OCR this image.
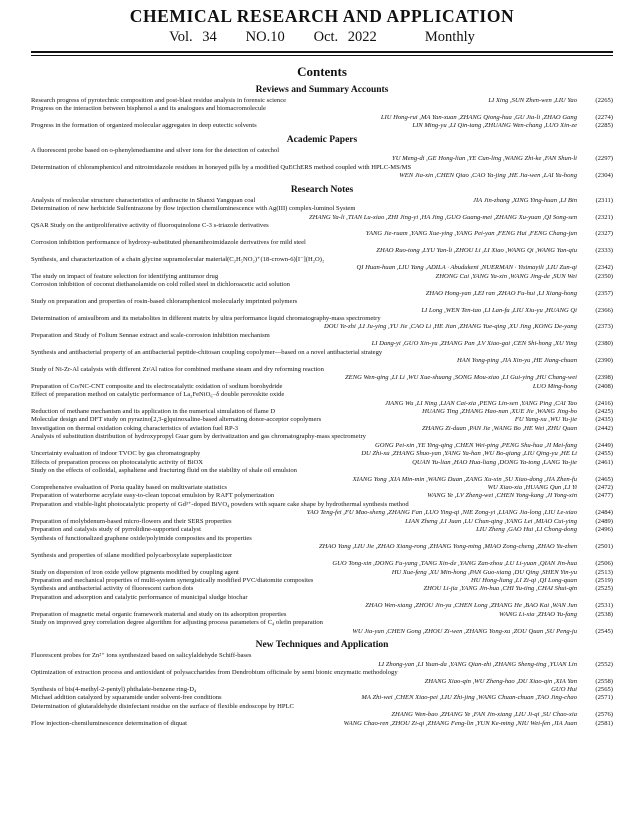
CHEMICAL RESEARCH AND APPLICATION
Vol. 34 NO.10 Oct. 2022	Monthly
Contents
Reviews and Summary Accounts
Research progress of pyrotechnic composition and post-blast residue analysis in forensic science	LI Xing ,SUN Zhen-wen ,LIU Yao	(2265)
Progress on the interaction between bisphenol a and its analogues and biomacromolecule
LIU Hong-rui ,MA Yan-xuan ,ZHANG Qiong-hua ,GU Jia-li ,ZHAO Gang	(2274)
Progress in the formation of organized molecular aggregates in deep eutectic solvents	LIN Ming-yu ,LI Qin-tang ,ZHUANG Wen-chang ,LUO Xin-ze	(2285)
Academic Papers
A fluorescent probe based on o-phenylenediamine and silver ions for the detection of catechol
YU Meng-di ,GE Hong-lian ,YE Cun-ling ,WANG Zhi-ke ,FAN Shun-li	(2297)
Determination of chloramphenicol and nitroimidazole residues in honeyed pills by a modified QuEChERS method coupled with HPLC-MS/MS
WEN Jia-xin ,CHEN Qiao ,CAO Ya-jing ,HE Jia-wen ,LAI Yu-hong	(2304)
Research Notes
Analysis of molecular structure characteristics of anthracite in Shanxi Yangquan coal	JIA Jin-zhang ,XING Ying-huan ,LI Bin	(2311)
Determination of new herbicide Sulfentrazone by flow injection chemiluminescence with Ag(III) complex-luminol System
ZHANG Ya-li ,TIAN Lu-xiao ,ZHI Jing-yi ,HA Jing ,GUO Guang-mei ,ZHANG Xu-yuan ,QI Song-sen	(2321)
QSAR Study on the antiproliferative activity of fluoroquinolone C-3 s-triazole derivatives
YANG Jie-ruam ,YANG Xue-ying ,YANG Pei-yan ,FENG Hui ,FENG Chang-jun	(2327)
Corrosion inhibition performance of hydroxy-substituted phenanthroimidazole derivatives for mild steel
ZHAO Ruo-tong ,LYU Yan-li ,ZHOU Li ,LI Xiao ,WANG Qi ,WANG Yan-qiu	(2333)
Synthesis, and characterization of a chain glycine supramolecular material(C₂H₅NO₂)⁺(18-crown-6)[I⁻](H₂O)₂
QI Huan-huan ,LIU Yang ,ADILA · Abudukeni ,NUERMAN · Yisimayili ,LIU Zun-qi	(2342)
The study on impact of feature selection for identifying antitumor drug	ZHONG Cai ,YANG Ya-xin ,WANG Jing-de ,SUN Wei	(2350)
Corrosion inhibition of coconut diethanolamide on cold rolled steel in dichloroacetic acid solution
ZHAO Hong-yan ,LEI ran ,ZHAO Fu-hui ,LI Xiang-hong	(2357)
Study on preparation and properties of rosin-based chloramphenicol molecularly imprinted polymers
LI Long ,WEN Ten-tao ,LI Lan-fu ,LIU Xiu-yu ,HUANG Qi	(2366)
Determination of amisulbrom and its metabolites in different matrix by ultra performance liquid chromatography-mass spectrometry
DOU Ye-zhi ,LI Ju-ying ,YU Jie ,CAO Li ,HE Jian ,ZHANG Yue-qing ,XU Jing ,KONG De-yang	(2373)
Preparation and Study of Folium Sennae extract and scale-corrosion inhibition mechanism
LI Dang-yi ,GUO Xin-yu ,ZHANG Pan ,LV Xiao-gai ,CEN Shi-hong ,XU Ying	(2380)
Synthesis and antibacterial property of an antibacterial peptide-chitosan coupling copolymer—based on a novel antibacterial strategy
HAN Yong-ping ,JIA Xin-yu ,HE Jiang-chuan	(2390)
Study of Ni-Zr-Al catalysts with different Zr/Al ratios for combined methane steam and dry reforming reaction
ZENG Wen-qing ,LI Li ,WU Xue-shuang ,SONG Mou-xiao ,LI Gui-ying ,HU Chang-wei	(2398)
Preparation of Co/NC-CNT composite and its electrocatalytic oxidation of sodium borohydride	LUO Ming-hong	(2408)
Effect of preparation method on catalytic performance of La₂FeNiO₆₋δ double perovskite oxide
JIANG Wu ,LI Ning ,LIAN Cai-xia ,PENG Lin-sen ,YANG Ping ,CAI Tao	(2416)
Reduction of methane mechanism and its application in the numerical simulation of flame D	HUANG Ting ,ZHANG Hao-nan ,XUE Jie ,WANG Jing-bo	(2425)
Molecular design and DFT study on pyrazino[2,3-g]quinoxaline-based alternating donor-acceptor copolymers	FU Yang-xu ,WU Yu-jie	(2435)
Investigation on thermal oxidation coking characteristics of aviation fuel RP-3	ZHANG Zi-duan ,PAN Jie ,WANG Bo ,HE Wei ,ZHU Quan	(2442)
Analysis of substitution distribution of hydroxypropyl Guar gum by derivatization and gas chromatography-mass spectrometry
GONG Pei-xin ,YE Ying-qing ,CHEN Wei-ping ,PENG Shu-hua ,JI Mei-fang	(2449)
Uncertainty evaluation of indoor TVOC by gas chromatography	DU Zhi-xu ,ZHANG Shuo-yan ,YANG Ya-han ,WU Bo-qiang ,LIU Qing-yu ,HE Li	(2455)
Effects of preparation process on photocatalytic activity of BiOX	QUAN Yu-lian ,HAO Hua-liang ,DONG Ya-tong ,LANG Ya-jie	(2461)
Study on the effects of colloidal, asphaltene and fracturing fluid on the stability of shale oil emulsion
XIANG Yong ,XIA Min-min ,WANG Duan ,ZANG Xu-xin ,SU Xiao-dong ,JIA Zhen-fu	(2465)
Comprehensive evaluation of Poria quality based on multivariate statistics	WU Xiao-xia ,HUANG Qun ,LI Yi	(2472)
Preparation of waterborne acrylate easy-to-clean topcoat emulsion by RAFT polymerization	WANG Ye ,LV Zheng-wei ,CHEN Yong-kang ,JI Yong-xin	(2477)
Preparation and visible-light photocatalytic property of Gd³⁺-doped BiVO₄ powders with square cake shape by hydrothermal synthesis method
YAO Teng-fei ,FU Mao-sheng ,ZHANG Fan ,LUO Ying-qi ,NIE Zong-yi ,LIANG Jia-long ,LIU Le-xiao	(2484)
Preparation of molybdenum-based micro-flowers and their SERS properties	LIAN Zheng ,LI Juan ,LU Chun-qing ,YANG Lei ,MIAO Cui-ying	(2489)
Preparation and catalysis study of pyrrolidine-supported catalyst	LIU Zheng ,GAO Hui ,LI Chong-dong	(2496)
Synthesis of functionalized graphene oxide/polyimide composites and its properties
ZHAO Yang ,LIU Jie ,ZHAO Xiang-rong ,ZHANG Yong-ming ,MIAO Zong-cheng ,ZHAO Yu-zhen	(2501)
Synthesis and properties of silane modified polycarboxylate superplasticizer
GUO Tong-xin ,DONG Fu-yang ,TANG Xin-de ,YANG Zan-zhou ,LU Li-yuan ,QIAN Jin-hua	(2506)
Study on dispersion of iron oxide yellow pigments modified by coupling agent	HU Xue-feng ,XU Min-hong ,PAN Guo-xiang ,DU Qing ,SHEN Yin-yu	(2513)
Preparation and mechanical properties of multi-system synergistically modified PVC/diatomite composites	HU Hong-liang ,LI Zi-qi ,QI Long-quan	(2519)
Synthesis and antibacterial activity of fluorescent carbon dots	ZHOU Li-jia ,YANG Jin-hua ,CHI Yu-ting ,CHAI Shui-qin	(2525)
Preparation and adsorption and catalytic performance of municipal sludge biochar
ZHAO Wen-xiang ,ZHOU Jin-yu ,CHEN Long ,ZHANG He ,BAO Kai ,WAN Jun	(2531)
Preparation of magnetic metal organic framework material and study on its adsorption properties	WANG Li-xia ,ZHAO Yu-fang	(2538)
Study on improved grey correlation degree algorithm for adjusting process parameters of C₄ olefin preparation
WU Jia-yun ,CHEN Gong ,ZHOU Zi-wen ,ZHANG Yong-xu ,ZOU Quan ,SU Peng-ju	(2545)
New Techniques and Application
Fluorescent probes for Zn²⁺ ions synthesized based on salicylaldehyde Schiff-bases
LI Zhong-yan ,LI Yuan-da ,YANG Qian-zhi ,ZHANG Sheng-ting ,YUAN Lin	(2552)
Optimization of extraction process and antioxidant of polysaccharides from Dendrobium officinale by semi bionic enzymatic methodology
ZHANG Xiao-qin ,WU Zheng-hao ,DU Xiao-qin ,XIA Yan	(2558)
Synthesis of bis(4-methyl-2-pentyl) phthalate-benzene ring-D₄	GUO Hui	(2565)
Michael addition catalyzed by squaramide under solvent-free conditions	MA Zhi-wei ,CHEN Xiao-pei ,LIU Zhi-jing ,WANG Chuan-chuan ,TAO Jing-chao	(2571)
Determination of glutaraldehyde disinfectant residue on the surface of flexible endoscope by HPLC
ZHANG Wen-bao ,ZHANG Ye ,FAN Jin-xiang ,LIU Ji-qi ,SU Chao-xia	(2576)
Flow injection-chemiluminescence determination of diquat	WANG Chao-ren ,ZHOU Zi-qi ,ZHANG Feng-lin ,YUN Ke-ming ,NIU Wei-fen ,JIA Juan	(2581)
